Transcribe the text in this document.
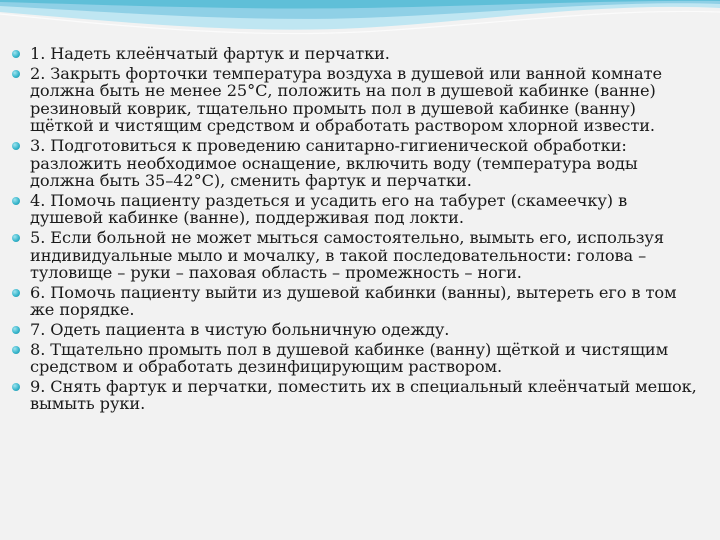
1. Надеть клеёнчатый фартук и перчатки.
2. Закрыть форточки температура воздуха в душевой или ванной комнате должна быть не менее 25°С, положить на пол в душевой кабинке (ванне) резиновый коврик, тщательно промыть пол в душевой кабинке (ванну) щёткой и чистящим средством и обработать раствором хлорной извести.
3. Подготовиться к проведению санитарно-гигиенической обработки: разложить необходимое оснащение, включить воду (температура воды должна быть 35–42°С), сменить фартук и перчатки.
4. Помочь пациенту раздеться и усадить его на табурет (скамеечку) в душевой кабинке (ванне), поддерживая под локти.
5. Если больной не может мыться самостоятельно, вымыть его, используя индивидуальные мыло и мочалку, в такой последовательности: голова – туловище – руки – паховая область – промежность – ноги.
6. Помочь пациенту выйти из душевой кабинки (ванны), вытереть его в том же порядке.
7. Одеть пациента в чистую больничную одежду.
8. Тщательно промыть пол в душевой кабинке (ванну) щёткой и чистящим средством и обработать дезинфицирующим раствором.
9. Снять фартук и перчатки, поместить их в специальный клеёнчатый мешок, вымыть руки.
